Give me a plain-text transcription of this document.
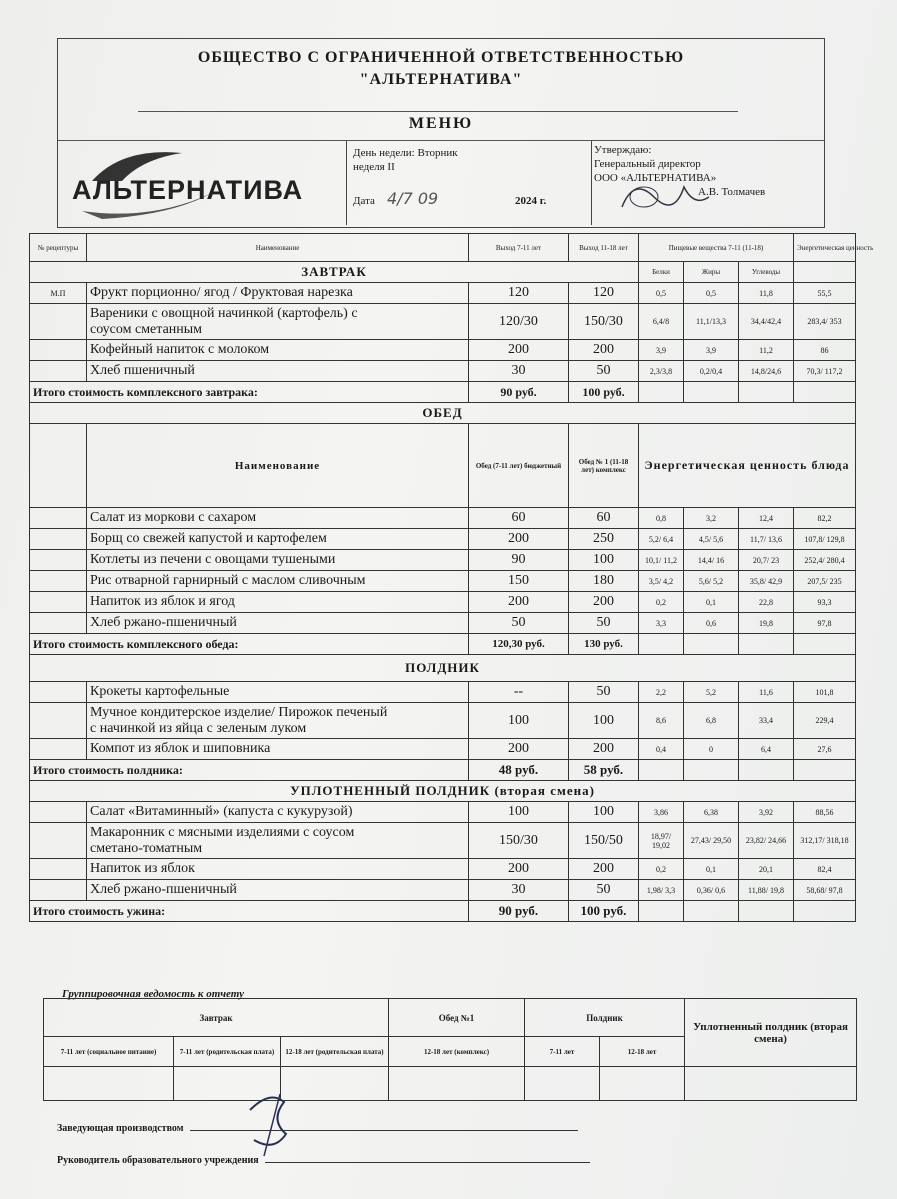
ОБЩЕСТВО С ОГРАНИЧЕННОЙ ОТВЕТСТВЕННОСТЬЮ
"АЛЬТЕРНАТИВА"
МЕНЮ
АЛЬТЕРНАТИВА
День недели: Вторник
неделя II
Дата 4/7 09	2024 г.
Утверждаю:
Генеральный директор
ООО «АЛЬТЕРНАТИВА»
А.В. Толмачев
№ рецептуры	Наименование	Выход 7-11 лет	Выход 11-18 лет	Пищевые вещества 7-11 (11-18)			Энергетическая ценность
ЗАВТРАК				Белки	Жиры	Углеводы	
М.П	Фрукт порционно/ ягод / Фруктовая нарезка	120	120	0,5	0,5	11,8	55,5

	Вареники с овощной начинкой (картофель) с
соусом сметанным	120/30	150/30	6,4/8	11,1/13,3	34,4/42,4	283,4/ 353

	Кофейный напиток с молоком	200	200	3,9	3,9	11,2	86

	Хлеб пшеничный	30	50	2,3/3,8	0,2/0,4	14,8/24,6	70,3/ 117,2
Итого стоимость комплексного завтрака:		90 руб.	100 руб.				
ОБЕД							
	Наименование	Обед (7-11 лет) бюджетный	Обед № 1 (11-18 лет) комплекс	Энергетическая ценность блюда			

	Салат из моркови с сахаром	60	60	0,8	3,2	12,4	82,2

	Борщ со свежей капустой и картофелем	200	250	5,2/ 6,4	4,5/ 5,6	11,7/ 13,6	107,8/ 129,8

	Котлеты из печени с овощами тушеными	90	100	10,1/ 11,2	14,4/ 16	20,7/ 23	252,4/ 280,4

	Рис отварной гарнирный с маслом сливочным	150	180	3,5/ 4,2	5,6/ 5,2	35,8/ 42,9	207,5/ 235

	Напиток из яблок и ягод	200	200	0,2	0,1	22,8	93,3

	Хлеб ржано-пшеничный	50	50	3,3	0,6	19,8	97,8
Итого стоимость комплексного обеда:		120,30 руб.	130 руб.				
ПОЛДНИК							

	Крокеты картофельные	--	50	2,2	5,2	11,6	101,8

	Мучное кондитерское изделие/ Пирожок печеный
с начинкой из яйца с зеленым луком	100	100	8,6	6,8	33,4	229,4

	Компот из яблок и шиповника	200	200	0,4	0	6,4	27,6
Итого стоимость полдника:		48 руб.	58 руб.				
УПЛОТНЕННЫЙ ПОЛДНИК (вторая смена)							

	Салат «Витаминный» (капуста с кукурузой)	100	100	3,86	6,38	3,92	88,56

	Макаронник с мясными изделиями с соусом
сметано-томатным	150/30	150/50	18,97/ 19,02	27,43/ 29,50	23,82/ 24,66	312,17/ 318,18

	Напиток из яблок	200	200	0,2	0,1	20,1	82,4

	Хлеб ржано-пшеничный	30	50	1,98/ 3,3	0,36/ 0,6	11,88/ 19,8	58,68/ 97,8
Итого стоимость ужина:		90 руб.	100 руб.				
Группировочная ведомость к отчету
Завтрак			Обед №1	Полдник		Уплотненный полдник (вторая смена)
7-11 лет (социальное питание)	7-11 лет (родительская плата)	12-18 лет (родительская плата)	12-18 лет (комплекс)	7-11 лет	12-18 лет	

Заведующая производством
Руководитель образовательного учреждения
